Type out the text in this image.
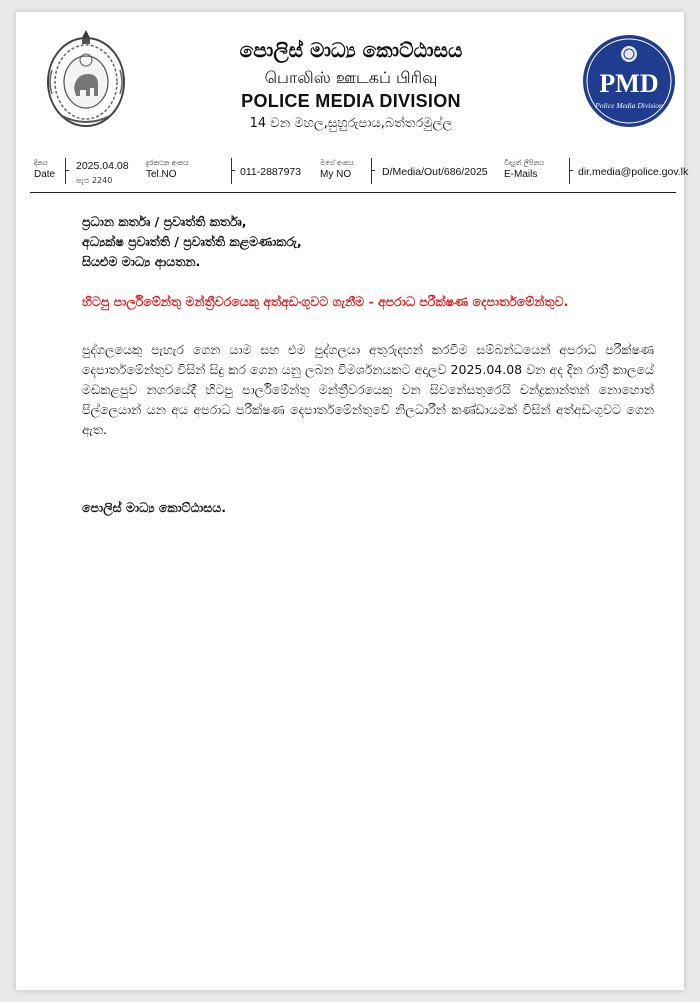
පොලිස් මාධ්‍ය කොට්ඨාසය
பொலிஸ் ஊடகப் பிரிவு
POLICE MEDIA DIVISION
14 වන මහල,සුහුරුපාය,බත්තරමුල්ල
PMD
Police Media Division
දිනය
Date
2025.04.08
පැය 2240
දුරකථන අංකය
Tel.NO	011-2887973
මගේ අංකය
My NO	D/Media/Out/686/2025
විද්‍යුත් ලිපිනය
E-Mails	dir.media@police.gov.lk
ප්‍රධාන කර්තෘ / ප්‍රවෘත්ති කර්තෘ,
අධ්‍යක්ෂ ප්‍රවෘත්ති / ප්‍රවෘත්ති කළමණාකරු,
සියළුම මාධ්‍ය ආයතන.
හිටපු පාර්ලිමේන්තු මන්ත්‍රීවරයෙකු අත්අඩංගුවට ගැනීම - අපරාධ පරීක්ෂණ දෙපාර්තමේන්තුව.
පුද්ගලයෙකු පැහැර ගෙන යාම සහ එම පුද්ගලයා අතුරුදහන් කරවීම සම්බන්ධයෙන් අපරාධ පරීක්ෂණ දෙපාර්තමේන්තුව විසින් සිදු කර ගෙන යනු ලබන විමර්ශනයකට අදාලව 2025.04.08 වන අද දින රාත්‍රී කාලයේ මඩකළපුව නගරයේදී හිටපු පාර්ලිමේන්තු මන්ත්‍රීවරයෙකු වන සිවනේසතුරෙයි චන්ද්‍රකාන්තන් නොහොත් පිල්ලෙයාන් යන අය අපරාධ පරීක්ෂණ දෙපාර්තමේන්තුවේ නිලධාරීන් කණ්ඩායමක් විසින් අත්අඩංගුවට ගෙන ඇත.
පොලිස් මාධ්‍ය කොට්ඨාසය.
